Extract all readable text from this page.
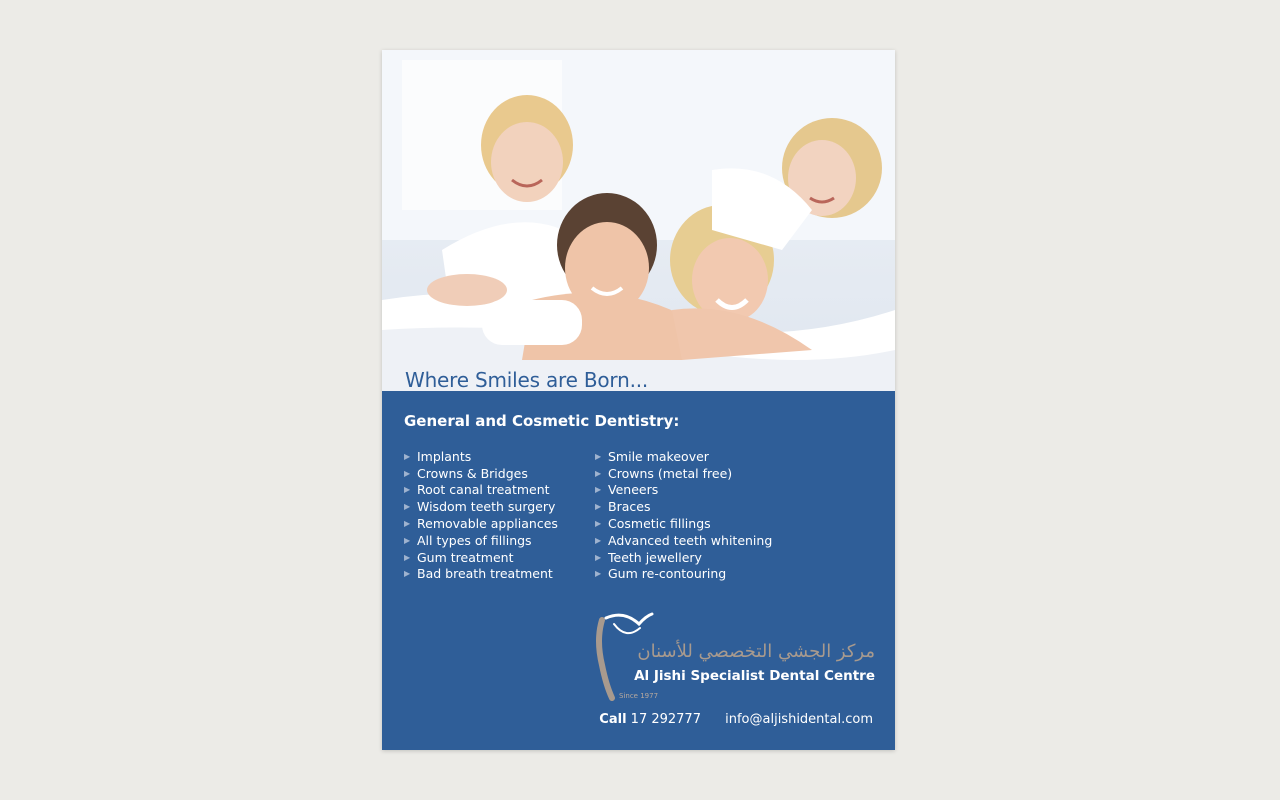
Where Smiles are Born...
General and Cosmetic Dentistry:
▶ Implants
▶ Crowns & Bridges
▶ Root canal treatment
▶ Wisdom teeth surgery
▶ Removable appliances
▶ All types of fillings
▶ Gum treatment
▶ Bad breath treatment
▶ Smile makeover
▶ Crowns (metal free)
▶ Veneers
▶ Braces
▶ Cosmetic fillings
▶ Advanced teeth whitening
▶ Teeth jewellery
▶ Gum re-contouring
مركز الجشي التخصصي للأسنان
Al Jishi Specialist Dental Centre
Since 1977
Call 17 292777 info@aljishidental.com
